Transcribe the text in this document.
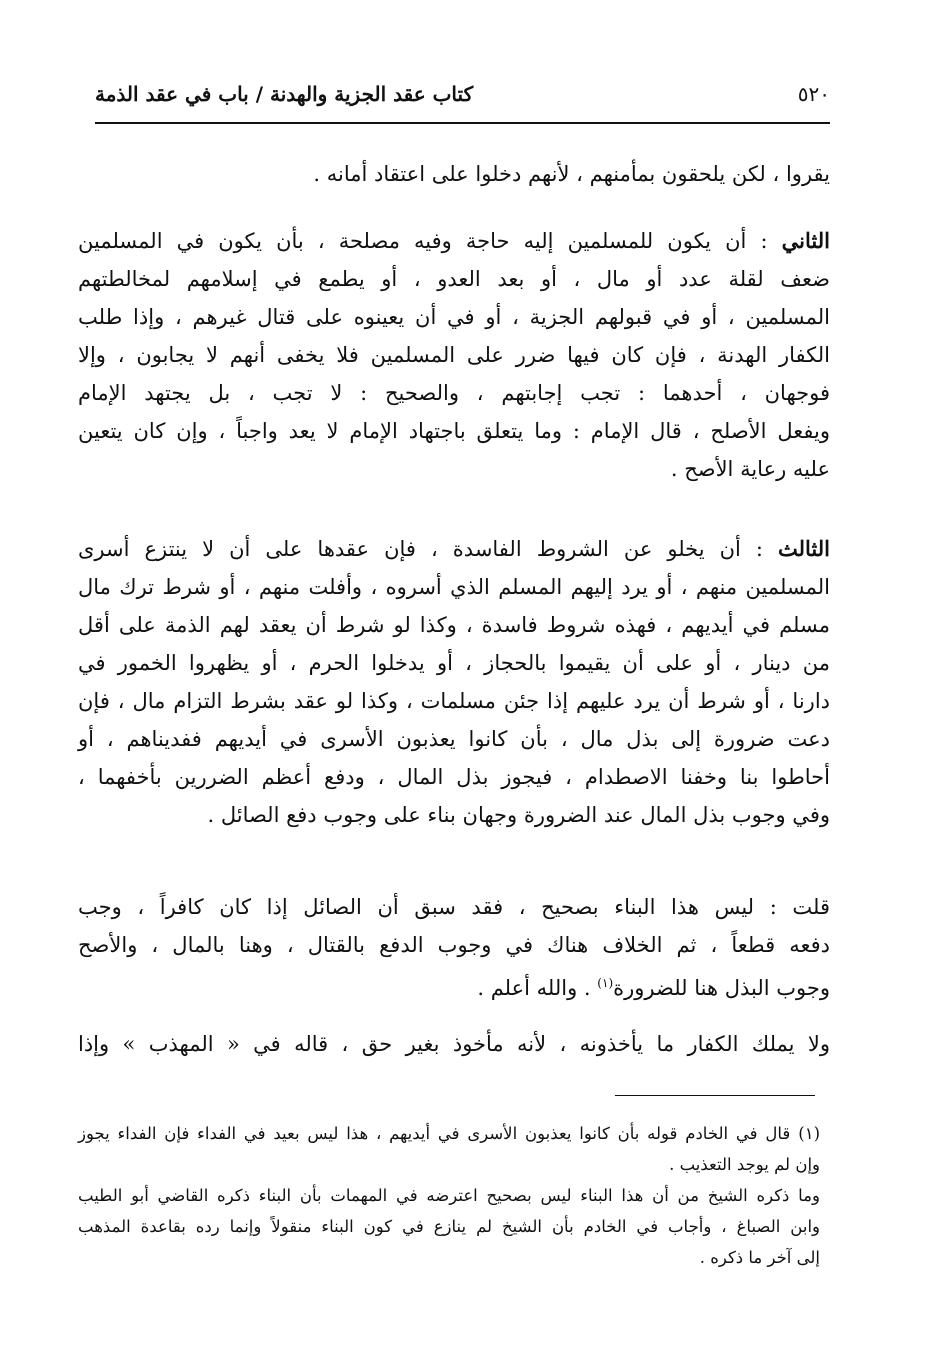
٥٢٠
كتاب عقد الجزية والهدنة / باب في عقد الذمة
يقروا ، لكن يلحقون بمأمنهم ، لأنهم دخلوا على اعتقاد أمانه .
الثاني : أن يكون للمسلمين إليه حاجة وفيه مصلحة ، بأن يكون في المسلمين
ضعف لقلة عدد أو مال ، أو بعد العدو ، أو يطمع في إسلامهم لمخالطتهم
المسلمين ، أو في قبولهم الجزية ، أو في أن يعينوه على قتال غيرهم ، وإذا طلب
الكفار الهدنة ، فإن كان فيها ضرر على المسلمين فلا يخفى أنهم لا يجابون ، وإلا
فوجهان ، أحدهما : تجب إجابتهم ، والصحيح : لا تجب ، بل يجتهد الإمام
ويفعل الأصلح ، قال الإمام : وما يتعلق باجتهاد الإمام لا يعد واجباً ، وإن كان يتعين
عليه رعاية الأصح .
الثالث : أن يخلو عن الشروط الفاسدة ، فإن عقدها على أن لا ينتزع أسرى
المسلمين منهم ، أو يرد إليهم المسلم الذي أسروه ، وأفلت منهم ، أو شرط ترك مال
مسلم في أيديهم ، فهذه شروط فاسدة ، وكذا لو شرط أن يعقد لهم الذمة على أقل
من دينار ، أو على أن يقيموا بالحجاز ، أو يدخلوا الحرم ، أو يظهروا الخمور في
دارنا ، أو شرط أن يرد عليهم إذا جئن مسلمات ، وكذا لو عقد بشرط التزام مال ، فإن
دعت ضرورة إلى بذل مال ، بأن كانوا يعذبون الأسرى في أيديهم ففديناهم ، أو
أحاطوا بنا وخفنا الاصطدام ، فيجوز بذل المال ، ودفع أعظم الضررين بأخفهما ،
وفي وجوب بذل المال عند الضرورة وجهان بناء على وجوب دفع الصائل .
قلت : ليس هذا البناء بصحيح ، فقد سبق أن الصائل إذا كان كافراً ، وجب
دفعه قطعاً ، ثم الخلاف هناك في وجوب الدفع بالقتال ، وهنا بالمال ، والأصح
وجوب البذل هنا للضرورة$^{(١)}$ . والله أعلم .
ولا يملك الكفار ما يأخذونه ، لأنه مأخوذ بغير حق ، قاله في « المهذب » وإذا
(١)قال في الخادم قوله بأن كانوا يعذبون الأسرى في أيديهم ، هذا ليس بعيد في الفداء فإن الفداء يجوز
وإن لم يوجد التعذيب .
وما ذكره الشيخ من أن هذا البناء ليس بصحيح اعترضه في المهمات بأن البناء ذكره القاضي أبو الطيب
وابن الصباغ ، وأجاب في الخادم بأن الشيخ لم ينازع في كون البناء منقولاً وإنما رده بقاعدة المذهب
إلى آخر ما ذكره .
